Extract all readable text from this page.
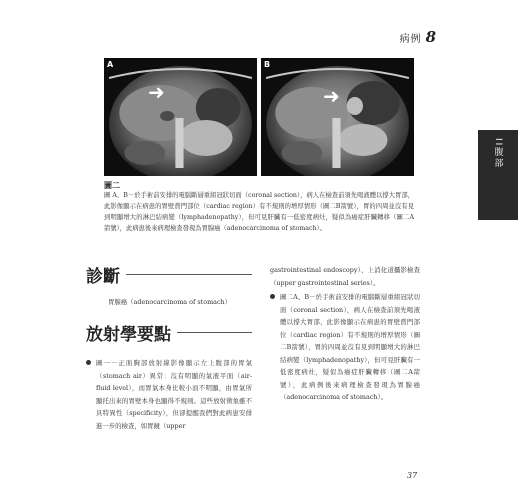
病例 8
II
腹
部
A
➜
B
➜
圖二
圖 A、B－於手術前安排的電腦斷層重組冠狀切面（coronal section），病人在檢查前須先喝液體以撐大胃部，此影像顯示在病患的胃壁賁門部位（cardiac region）有不規則的增厚情形（圖二B箭號），胃的四周並沒有見到明顯增大的淋巴結病變（lymphadenopathy），但可見肝臟有一低密度病灶，疑似為癌症肝臟轉移（圖二A箭號），此病患後來病理檢查發現為胃腺癌（adenocarcinoma of stomach）。
診斷
胃腺癌（adenocarcinoma of stomach）
放射學要點
圖一－正面胸部放射線影像顯示左上腹部的胃氣（stomach air）異常：沒有明顯的氣液平面（air-fluid level），而胃氣本身比較小而不明顯，由胃氣所顯托出來的胃壁本身也顯得不規則。這些放射徵象雖不具特異性（specificity），但卻提醒我們對此病患安排進一步的檢查，如胃鏡（upper
gastrointestinal endoscopy）、上消化道攝影檢查（upper gastrointestinal series）。
圖二A、B－於手術前安排的電腦斷層重組冠狀切面（coronal section），病人在檢查前須先喝液體以撐大胃部，此影像顯示在病患的胃壁賁門部位（cardiac region）有不規則的增厚情形（圖二B箭號），胃的四周並沒有見到明顯增大的淋巴結病變（lymphadenopathy），但可見肝臟有一低密度病灶，疑似為癌症肝臟轉移（圖二A箭號），此病例後來病理檢查發現為胃腺癌（adenocarcinoma of stomach）。
37
